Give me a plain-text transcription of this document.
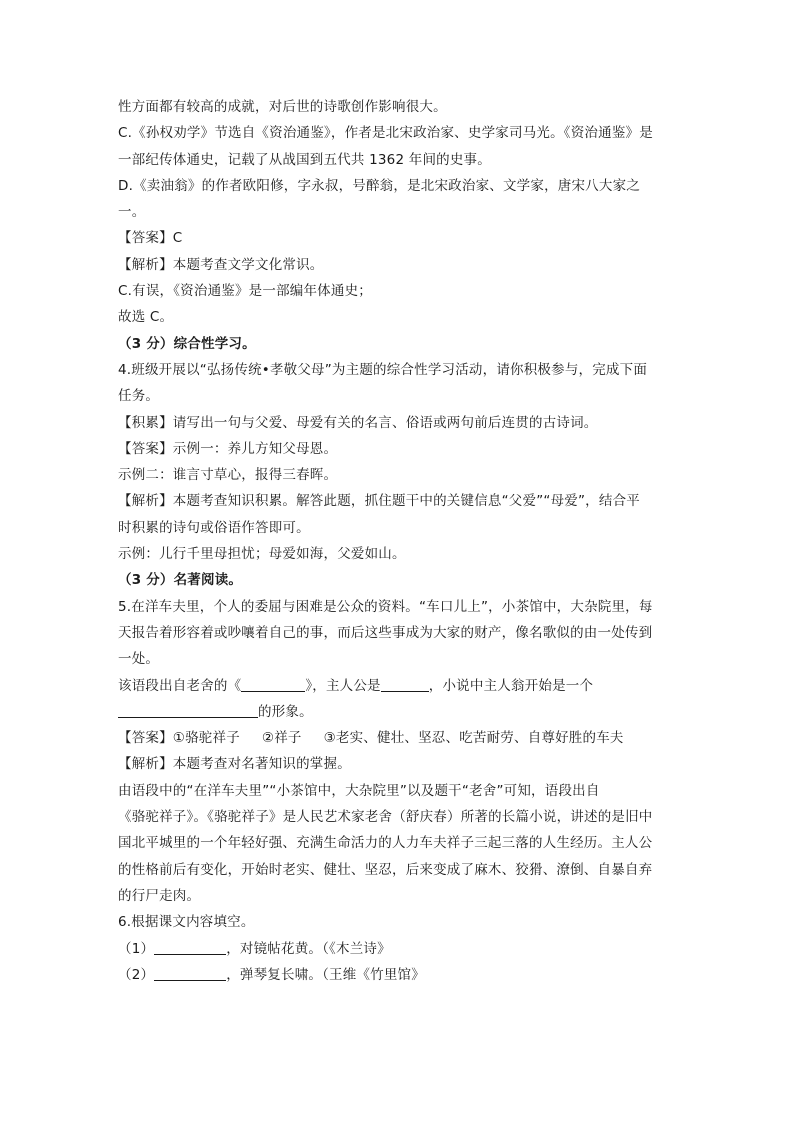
性方面都有较高的成就，对后世的诗歌创作影响很大。
C.《孙权劝学》节选自《资治通鉴》，作者是北宋政治家、史学家司马光。《资治通鉴》是
一部纪传体通史，记载了从战国到五代共 1362 年间的史事。
D.《卖油翁》的作者欧阳修，字永叔，号醉翁，是北宋政治家、文学家，唐宋八大家之
一。
【答案】C
【解析】本题考查文学文化常识。
C.有误，《资治通鉴》是一部编年体通史；
故选 C。
（3 分）综合性学习。
4.班级开展以“弘扬传统•孝敬父母”为主题的综合性学习活动，请你积极参与，完成下面
任务。
【积累】请写出一句与父爱、母爱有关的名言、俗语或两句前后连贯的古诗词。
【答案】示例一：养儿方知父母恩。
示例二：谁言寸草心，报得三春晖。
【解析】本题考查知识积累。解答此题，抓住题干中的关键信息“父爱”“母爱”，结合平
时积累的诗句或俗语作答即可。
示例：儿行千里母担忧；母爱如海，父爱如山。
（3 分）名著阅读。
5.在洋车夫里，个人的委屈与困难是公众的资料。“车口儿上”，小茶馆中，大杂院里，每
天报告着形容着或吵嚷着自己的事，而后这些事成为大家的财产，像名歌似的由一处传到
一处。
该语段出自老舍的《	》，主人公是	，小说中主人翁开始是一个
的形象。
【答案】①骆驼祥子 ②祥子 ③老实、健壮、坚忍、吃苦耐劳、自尊好胜的车夫
【解析】本题考查对名著知识的掌握。
由语段中的“在洋车夫里”“小茶馆中，大杂院里”以及题干“老舍”可知，语段出自
《骆驼祥子》。《骆驼祥子》是人民艺术家老舍（舒庆春）所著的长篇小说，讲述的是旧中
国北平城里的一个年轻好强、充满生命活力的人力车夫祥子三起三落的人生经历。主人公
的性格前后有变化，开始时老实、健壮、坚忍，后来变成了麻木、狡猾、潦倒、自暴自弃
的行尸走肉。
6.根据课文内容填空。
（1）	，对镜帖花黄。（《木兰诗》
（2）	，弹琴复长啸。（王维《竹里馆》
